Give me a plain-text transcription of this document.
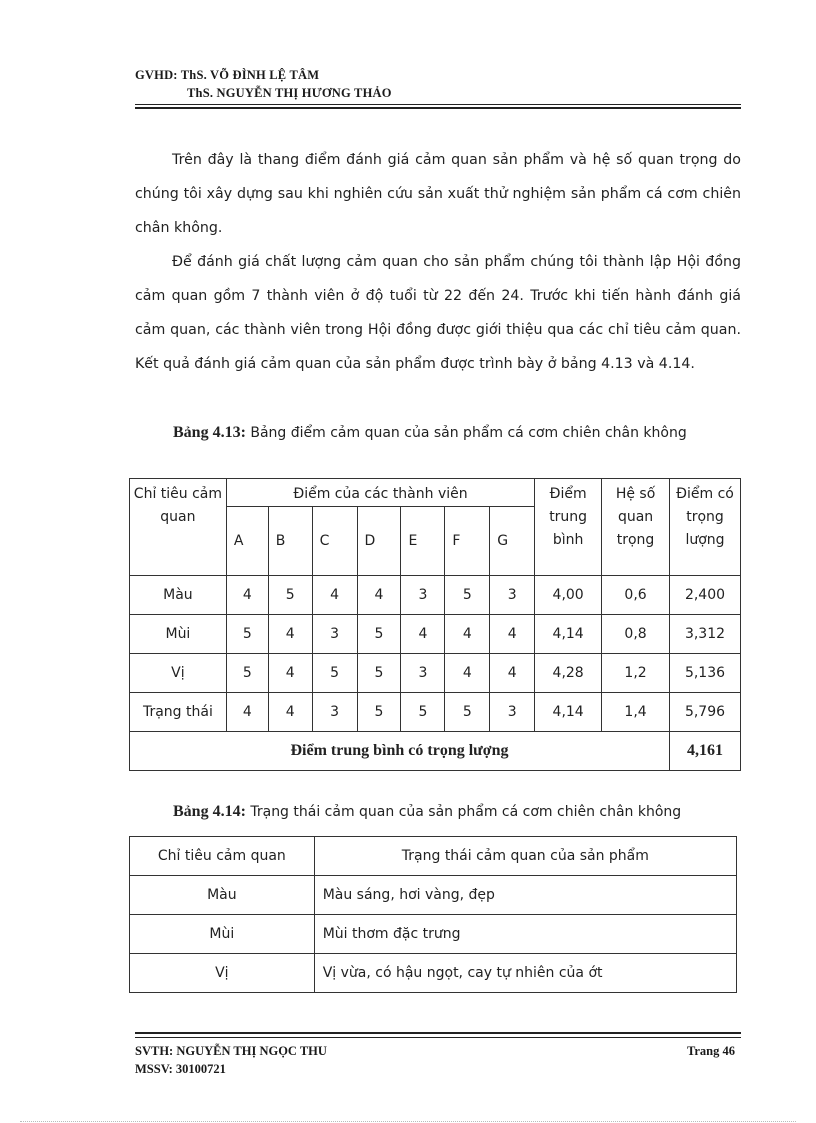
GVHD: ThS. VÕ ĐÌNH LỆ TÂM
ThS. NGUYỄN THỊ HƯƠNG THẢO
Trên đây là thang điểm đánh giá cảm quan sản phẩm và hệ số quan trọng do chúng tôi xây dựng sau khi nghiên cứu sản xuất thử nghiệm sản phẩm cá cơm chiên chân không.
Để đánh giá chất lượng cảm quan cho sản phẩm chúng tôi thành lập Hội đồng cảm quan gồm 7 thành viên ở độ tuổi từ 22 đến 24. Trước khi tiến hành đánh giá cảm quan, các thành viên trong Hội đồng được giới thiệu qua các chỉ tiêu cảm quan. Kết quả đánh giá cảm quan của sản phẩm được trình bày ở bảng 4.13 và 4.14.
Bảng 4.13: Bảng điểm cảm quan của sản phẩm cá cơm chiên chân không
Chỉ tiêu cảm quan	Điểm của các thành viên							Điểm trung bình	Hệ số quan trọng	Điểm có trọng lượng
	A	B	C	D	E	F	G			
Màu	4	5	4	4	3	5	3	4,00	0,6	2,400
Mùi	5	4	3	5	4	4	4	4,14	0,8	3,312
Vị	5	4	5	5	3	4	4	4,28	1,2	5,136
Trạng thái	4	4	3	5	5	5	3	4,14	1,4	5,796
Điểm trung bình có trọng lượng										4,161
Bảng 4.14: Trạng thái cảm quan của sản phẩm cá cơm chiên chân không
Chỉ tiêu cảm quan	Trạng thái cảm quan của sản phẩm
Màu	Màu sáng, hơi vàng, đẹp
Mùi	Mùi thơm đặc trưng
Vị	Vị vừa, có hậu ngọt, cay tự nhiên của ớt
SVTH: NGUYỄN THỊ NGỌC THU
MSSV: 30100721
Trang 46
